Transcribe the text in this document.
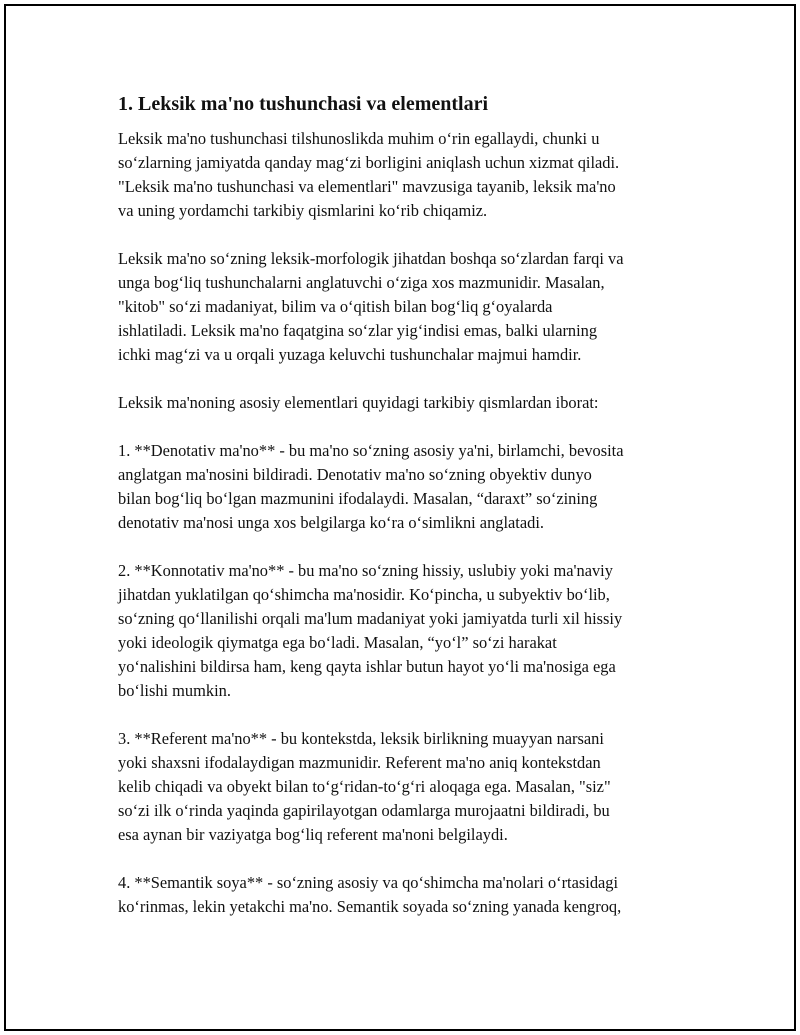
1. Leksik ma'no tushunchasi va elementlari
Leksik ma'no tushunchasi tilshunoslikda muhim o‘rin egallaydi, chunki u
so‘zlarning jamiyatda qanday mag‘zi borligini aniqlash uchun xizmat qiladi.
"Leksik ma'no tushunchasi va elementlari" mavzusiga tayanib, leksik ma'no
va uning yordamchi tarkibiy qismlarini ko‘rib chiqamiz.
Leksik ma'no so‘zning leksik-morfologik jihatdan boshqa so‘zlardan farqi va
unga bog‘liq tushunchalarni anglatuvchi o‘ziga xos mazmunidir. Masalan,
"kitob" so‘zi madaniyat, bilim va o‘qitish bilan bog‘liq g‘oyalarda
ishlatiladi. Leksik ma'no faqatgina so‘zlar yig‘indisi emas, balki ularning
ichki mag‘zi va u orqali yuzaga keluvchi tushunchalar majmui hamdir.
Leksik ma'noning asosiy elementlari quyidagi tarkibiy qismlardan iborat:
1. **Denotativ ma'no** - bu ma'no so‘zning asosiy ya'ni, birlamchi, bevosita
anglatgan ma'nosini bildiradi. Denotativ ma'no so‘zning obyektiv dunyo
bilan bog‘liq bo‘lgan mazmunini ifodalaydi. Masalan, “daraxt” so‘zining
denotativ ma'nosi unga xos belgilarga ko‘ra o‘simlikni anglatadi.
2. **Konnotativ ma'no** - bu ma'no so‘zning hissiy, uslubiy yoki ma'naviy
jihatdan yuklatilgan qo‘shimcha ma'nosidir. Ko‘pincha, u subyektiv bo‘lib,
so‘zning qo‘llanilishi orqali ma'lum madaniyat yoki jamiyatda turli xil hissiy
yoki ideologik qiymatga ega bo‘ladi. Masalan, “yo‘l” so‘zi harakat
yo‘nalishini bildirsa ham, keng qayta ishlar butun hayot yo‘li ma'nosiga ega
bo‘lishi mumkin.
3. **Referent ma'no** - bu kontekstda, leksik birlikning muayyan narsani
yoki shaxsni ifodalaydigan mazmunidir. Referent ma'no aniq kontekstdan
kelib chiqadi va obyekt bilan to‘g‘ridan-to‘g‘ri aloqaga ega. Masalan, "siz"
so‘zi ilk o‘rinda yaqinda gapirilayotgan odamlarga murojaatni bildiradi, bu
esa aynan bir vaziyatga bog‘liq referent ma'noni belgilaydi.
4. **Semantik soya** - so‘zning asosiy va qo‘shimcha ma'nolari o‘rtasidagi
ko‘rinmas, lekin yetakchi ma'no. Semantik soyada so‘zning yanada kengroq,
